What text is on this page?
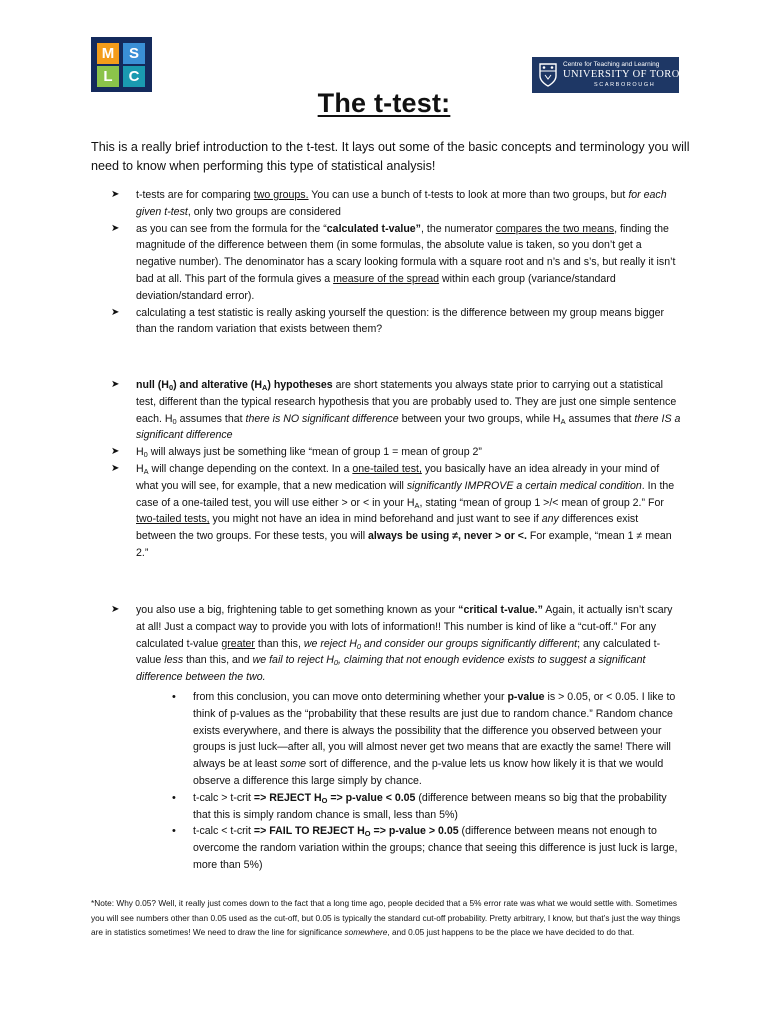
M S
L	C
Centre for Teaching and Learning
UNIVERSITY OF TORONTO
SCARBOROUGH
The t-test:
This is a really brief introduction to the t-test. It lays out some of the basic concepts and terminology you will need to know when performing this type of statistical analysis!

➤ t-tests are for comparing two groups. You can use a bunch of t-tests to look at more than two groups, but for each given t-test, only two groups are considered

➤ as you can see from the formula for the “calculated t-value”, the numerator compares the two means, finding the magnitude of the difference between them (in some formulas, the absolute value is taken, so you don’t get a negative number). The denominator has a scary looking formula with a square root and n’s and s’s, but really it isn’t bad at all. This part of the formula gives a measure of the spread within each group (variance/standard deviation/standard error).

➤ calculating a test statistic is really asking yourself the question: is the difference between my group means bigger than the random variation that exists between them?

➤ null $(H_0)$ and alterative $(H_A)$ hypotheses are short statements you always state prior to carrying out a statistical test, different than the typical research hypothesis that you are probably used to. They are just one simple sentence each. $H_0$ assumes that there is NO significant difference between your two groups, while $H_A$ assumes that there IS a significant difference

➤ $H_0$ will always just be something like “mean of group 1 = mean of group 2”

➤ $H_A$ will change depending on the context. In a one-tailed test, you basically have an idea already in your mind of what you will see, for example, that a new medication will significantly IMPROVE a certain medical condition. In the case of a one-tailed test, you will use either > or < in your $H_A$, stating “mean of group 1 >/< mean of group 2.” For two-tailed tests, you might not have an idea in mind beforehand and just want to see if any differences exist between the two groups. For these tests, you will always be using ≠, never > or <. For example, “mean 1 ≠ mean 2.”

➤ you also use a big, frightening table to get something known as your “critical t-value.” Again, it actually isn’t scary at all! Just a compact way to provide you with lots of information!! This number is kind of like a “cut-off.” For any calculated t-value greater than this, we reject $H_0$ and consider our groups significantly different; any calculated t-value less than this, and we fail to reject $H_0$, claiming that not enough evidence exists to suggest a significant difference between the two.

• from this conclusion, you can move onto determining whether your p-value is > 0.05, or < 0.05. I like to think of p-values as the “probability that these results are just due to random chance.” Random chance exists everywhere, and there is always the possibility that the difference you observed between your groups is just luck—after all, you will almost never get two means that are exactly the same! There will always be at least some sort of difference, and the p-value lets us know how likely it is that we would observe a difference this large simply by chance.

• t-calc > t-crit => REJECT $H_O$ => p-value < 0.05 (difference between means so big that the probability that this is simply random chance is small, less than 5%)

• t-calc < t-crit => FAIL TO REJECT $H_O$ => p-value > 0.05 (difference between means not enough to overcome the random variation within the groups; chance that seeing this difference is just luck is large, more than 5%)

*Note: Why 0.05? Well, it really just comes down to the fact that a long time ago, people decided that a 5% error rate was what we would settle with. Sometimes you will see numbers other than 0.05 used as the cut-off, but 0.05 is typically the standard cut-off probability. Pretty arbitrary, I know, but that’s just the way things are in statistics sometimes! We need to draw the line for significance somewhere, and 0.05 just happens to be the place we have decided to do that.
